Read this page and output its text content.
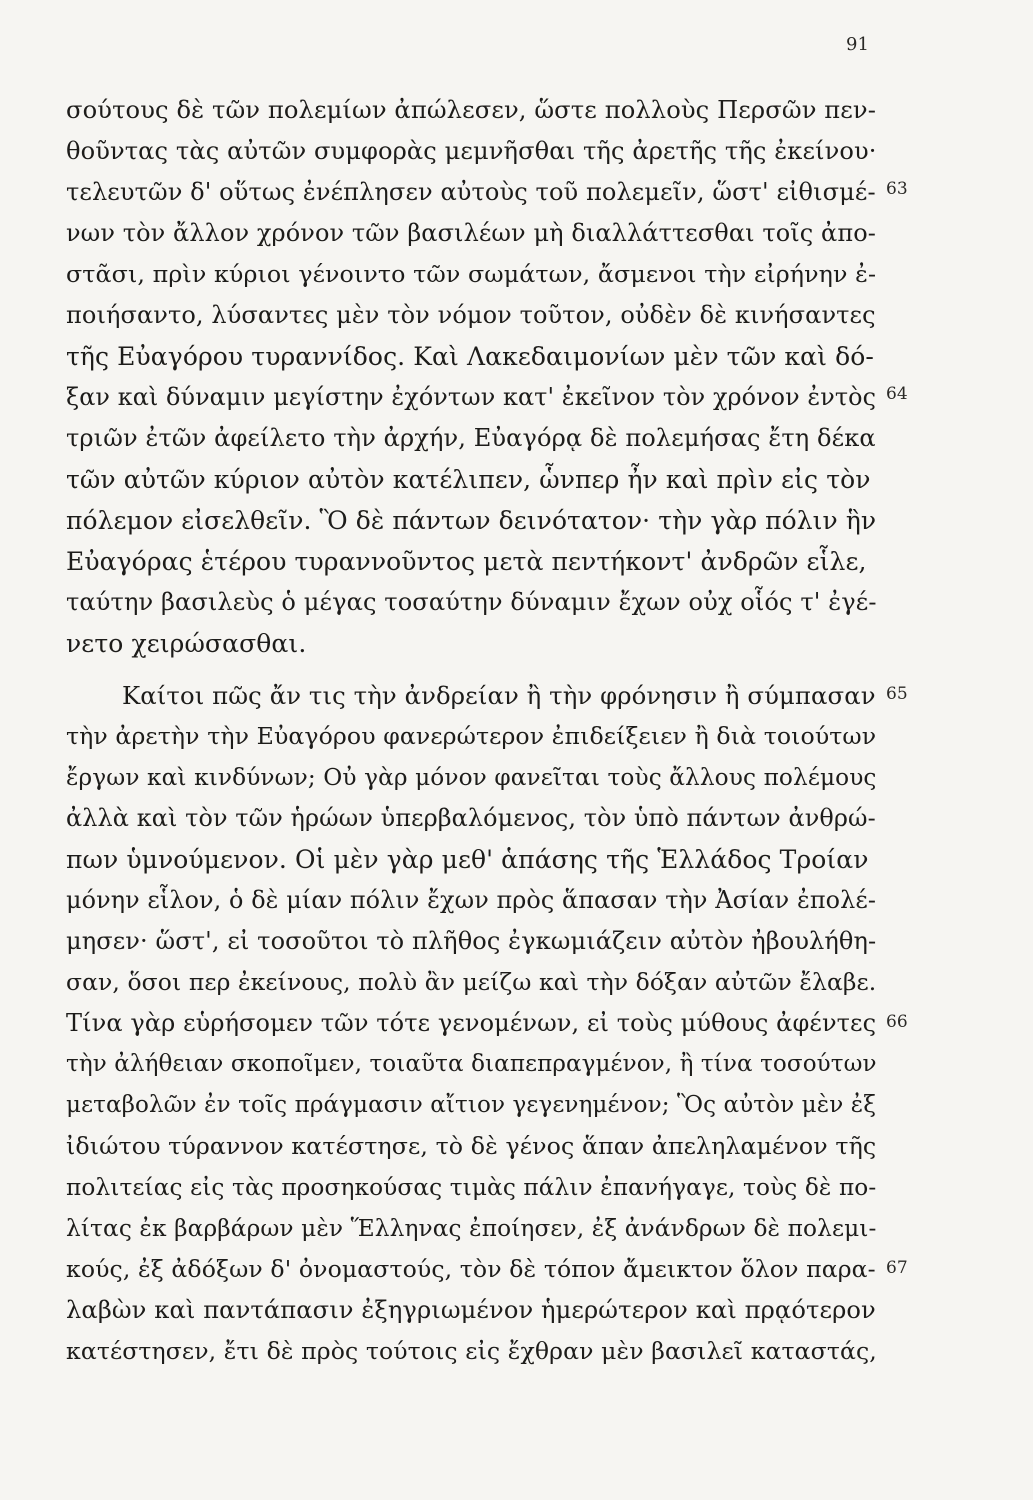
91
σούτους δὲ τῶν πολεμίων ἀπώλεσεν, ὥστε πολλοὺς Περσῶν πεν-
θοῦντας τὰς αὐτῶν συμφορὰς μεμνῆσθαι τῆς ἀρετῆς τῆς ἐκείνου·
τελευτῶν δ' οὕτως ἐνέπλησεν αὐτοὺς τοῦ πολεμεῖν, ὥστ' εἰθισμέ-
νων τὸν ἄλλον χρόνον τῶν βασιλέων μὴ διαλλάττεσθαι τοῖς ἀπο-
στᾶσι, πρὶν κύριοι γένοιντο τῶν σωμάτων, ἄσμενοι τὴν εἰρήνην ἐ-
ποιήσαντο, λύσαντες μὲν τὸν νόμον τοῦτον, οὐδὲν δὲ κινήσαντες
τῆς Εὐαγόρου τυραννίδος. Καὶ Λακεδαιμονίων μὲν τῶν καὶ δό-
ξαν καὶ δύναμιν μεγίστην ἐχόντων κατ' ἐκεῖνον τὸν χρόνον ἐντὸς
τριῶν ἐτῶν ἀφείλετο τὴν ἀρχήν, Εὐαγόρᾳ δὲ πολεμήσας ἔτη δέκα
τῶν αὐτῶν κύριον αὐτὸν κατέλιπεν, ὧνπερ ἦν καὶ πρὶν εἰς τὸν
πόλεμον εἰσελθεῖν. Ὃ δὲ πάντων δεινότατον· τὴν γὰρ πόλιν ἣν
Εὐαγόρας ἑτέρου τυραννοῦντος μετὰ πεντήκοντ' ἀνδρῶν εἷλε,
ταύτην βασιλεὺς ὁ μέγας τοσαύτην δύναμιν ἔχων οὐχ οἷός τ' ἐγέ-
νετο χειρώσασθαι.
Καίτοι πῶς ἄν τις τὴν ἀνδρείαν ἢ τὴν φρόνησιν ἢ σύμπασαν
τὴν ἀρετὴν τὴν Εὐαγόρου φανερώτερον ἐπιδείξειεν ἢ διὰ τοιούτων
ἔργων καὶ κινδύνων; Οὐ γὰρ μόνον φανεῖται τοὺς ἄλλους πολέμους
ἀλλὰ καὶ τὸν τῶν ἡρώων ὑπερβαλόμενος, τὸν ὑπὸ πάντων ἀνθρώ-
πων ὑμνούμενον. Οἱ μὲν γὰρ μεθ' ἁπάσης τῆς Ἑλλάδος Τροίαν
μόνην εἷλον, ὁ δὲ μίαν πόλιν ἔχων πρὸς ἅπασαν τὴν Ἀσίαν ἐπολέ-
μησεν· ὥστ', εἰ τοσοῦτοι τὸ πλῆθος ἐγκωμιάζειν αὐτὸν ἠβουλήθη-
σαν, ὅσοι περ ἐκείνους, πολὺ ἂν μείζω καὶ τὴν δόξαν αὐτῶν ἔλαβε.
Τίνα γὰρ εὑρήσομεν τῶν τότε γενομένων, εἰ τοὺς μύθους ἀφέντες
τὴν ἀλήθειαν σκοποῖμεν, τοιαῦτα διαπεπραγμένον, ἢ τίνα τοσούτων
μεταβολῶν ἐν τοῖς πράγμασιν αἴτιον γεγενημένον; Ὃς αὐτὸν μὲν ἐξ
ἰδιώτου τύραννον κατέστησε, τὸ δὲ γένος ἅπαν ἀπεληλαμένον τῆς
πολιτείας εἰς τὰς προσηκούσας τιμὰς πάλιν ἐπανήγαγε, τοὺς δὲ πο-
λίτας ἐκ βαρβάρων μὲν Ἕλληνας ἐποίησεν, ἐξ ἀνάνδρων δὲ πολεμι-
κούς, ἐξ ἀδόξων δ' ὀνομαστούς, τὸν δὲ τόπον ἄμεικτον ὅλον παρα-
λαβὼν καὶ παντάπασιν ἐξηγριωμένον ἡμερώτερον καὶ πρᾳότερον
κατέστησεν, ἔτι δὲ πρὸς τούτοις εἰς ἔχθραν μὲν βασιλεῖ καταστάς,
63
64
65
66
67
